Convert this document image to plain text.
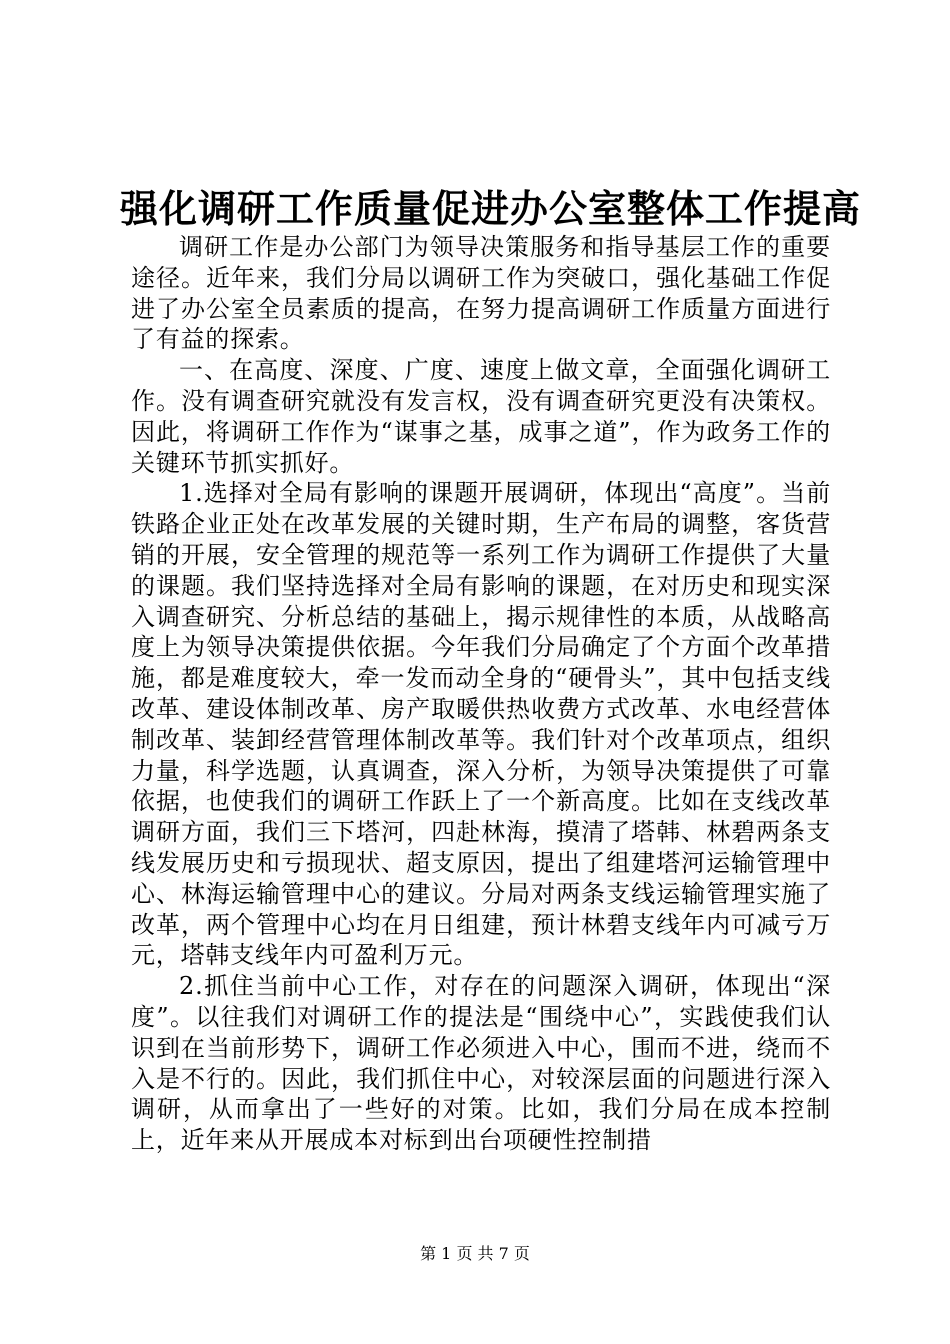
强化调研工作质量促进办公室整体工作提高

调研工作是办公部门为领导决策服务和指导基层工作的重要途径。近年来，我们分局以调研工作为突破口，强化基础工作促进了办公室全员素质的提高，在努力提高调研工作质量方面进行了有益的探索。

一、在高度、深度、广度、速度上做文章，全面强化调研工作。没有调查研究就没有发言权，没有调查研究更没有决策权。因此，将调研工作作为“谋事之基，成事之道”，作为政务工作的关键环节抓实抓好。

1.选择对全局有影响的课题开展调研，体现出“高度”。当前铁路企业正处在改革发展的关键时期，生产布局的调整，客货营销的开展，安全管理的规范等一系列工作为调研工作提供了大量的课题。我们坚持选择对全局有影响的课题，在对历史和现实深入调查研究、分析总结的基础上，揭示规律性的本质，从战略高度上为领导决策提供依据。今年我们分局确定了个方面个改革措施，都是难度较大，牵一发而动全身的“硬骨头”，其中包括支线改革、建设体制改革、房产取暖供热收费方式改革、水电经营体制改革、装卸经营管理体制改革等。我们针对个改革项点，组织力量，科学选题，认真调查，深入分析，为领导决策提供了可靠依据，也使我们的调研工作跃上了一个新高度。比如在支线改革调研方面，我们三下塔河，四赴林海，摸清了塔韩、林碧两条支线发展历史和亏损现状、超支原因，提出了组建塔河运输管理中心、林海运输管理中心的建议。分局对两条支线运输管理实施了改革，两个管理中心均在月日组建，预计林碧支线年内可减亏万元，塔韩支线年内可盈利万元。

2.抓住当前中心工作，对存在的问题深入调研，体现出“深度”。以往我们对调研工作的提法是“围绕中心”，实践使我们认识到在当前形势下，调研工作必须进入中心，围而不进，绕而不入是不行的。因此，我们抓住中心，对较深层面的问题进行深入调研，从而拿出了一些好的对策。比如，我们分局在成本控制上，近年来从开展成本对标到出台项硬性控制措

第 1 页 共 7 页
